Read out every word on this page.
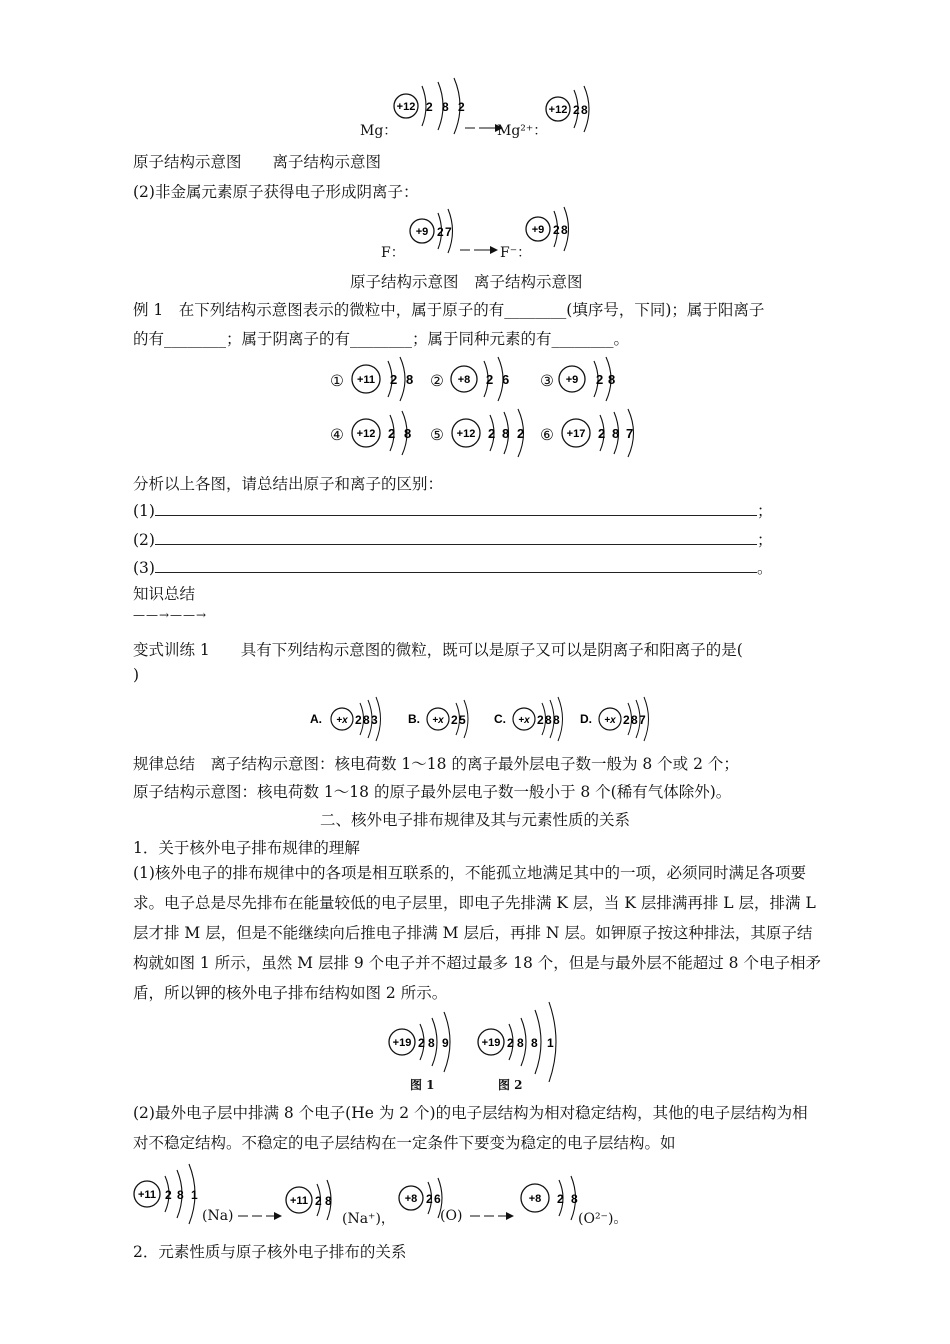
Mg：
+12 2 8 2
Mg²⁺：
+12 2 8
原子结构示意图　　离子结构示意图
(2)非金属元素原子获得电子形成阴离子：
F：
+9 2 7
F⁻：
+9 2 8
原子结构示意图　离子结构示意图
例 1　在下列结构示意图表示的微粒中，属于原子的有________(填序号，下同)；属于阳离子
的有________；属于阴离子的有________；属于同种元素的有________。
① +11 2 8 ② +8 2 6 ③ +9 2 8
④ +12 2 8 ⑤ +12 2 8 2 ⑥ +17 2 8 7
分析以上各图，请总结出原子和离子的区别：
(1)	；
(2)	；
(3)	。
知识总结
——→——→
变式训练 1　　具有下列结构示意图的微粒，既可以是原子又可以是阴离子和阳离子的是(
)
A. +x 2 8 3	B. +x 2 5 C. +x 2 8 8 D. +x 2 8 7
规律总结　离子结构示意图：核电荷数 1～18 的离子最外层电子数一般为 8 个或 2 个；
原子结构示意图：核电荷数 1～18 的原子最外层电子数一般小于 8 个(稀有气体除外)。
二、核外电子排布规律及其与元素性质的关系
1．关于核外电子排布规律的理解
(1)核外电子的排布规律中的各项是相互联系的，不能孤立地满足其中的一项，必须同时满足各项要求。电子总是尽先排布在能量较低的电子层里，即电子先排满 K 层，当 K 层排满再排 L 层，排满 L 层才排 M 层，但是不能继续向后推电子排满 M 层后，再排 N 层。如钾原子按这种排法，其原子结构就如图 1 所示，虽然 M 层排 9 个电子并不超过最多 18 个，但是与最外层不能超过 8 个电子相矛盾，所以钾的核外电子排布结构如图 2 所示。
+19 2 8 9	+19 2 8 8 1
图 1	图 2
(2)最外电子层中排满 8 个电子(He 为 2 个)的电子层结构为相对稳定结构，其他的电子层结构为相对不稳定结构。不稳定的电子层结构在一定条件下要变为稳定的电子层结构。如
+11 2 8 1
(Na)
+11 2 8
(Na⁺)，
+8 2 6
(O)
+8 2 8
(O²⁻)。
2．元素性质与原子核外电子排布的关系
